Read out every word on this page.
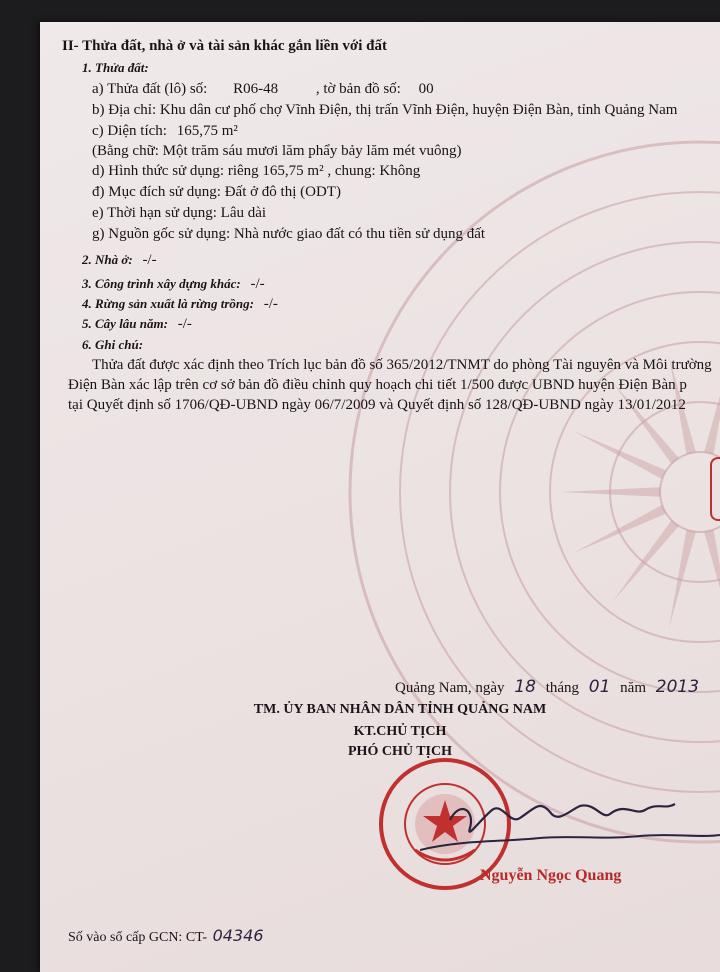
II- Thửa đất, nhà ở và tài sản khác gắn liền với đất
1. Thửa đất:
a) Thửa đất (lô) số: R06-48	, tờ bản đồ số: 00
b) Địa chỉ: Khu dân cư phố chợ Vĩnh Điện, thị trấn Vĩnh Điện, huyện Điện Bàn, tỉnh Quảng Nam
c) Diện tích: 165,75 m²
(Bằng chữ: Một trăm sáu mươi lăm phẩy bảy lăm mét vuông)
d) Hình thức sử dụng: riêng 165,75 m² , chung: Không
đ) Mục đích sử dụng: Đất ở đô thị (ODT)
e) Thời hạn sử dụng: Lâu dài
g) Nguồn gốc sử dụng: Nhà nước giao đất có thu tiền sử dụng đất
2. Nhà ở: -/-
3. Công trình xây dựng khác: -/-
4. Rừng sản xuất là rừng trồng: -/-
5. Cây lâu năm: -/-
6. Ghi chú:
Thửa đất được xác định theo Trích lục bản đồ số 365/2012/TNMT do phòng Tài nguyên và Môi trường
Điện Bàn xác lập trên cơ sở bản đồ điều chỉnh quy hoạch chi tiết 1/500 được UBND huyện Điện Bàn p
tại Quyết định số 1706/QĐ-UBND ngày 06/7/2009 và Quyết định số 128/QĐ-UBND ngày 13/01/2012
Quảng Nam, ngày 18 tháng 01 năm 2013
TM. ỦY BAN NHÂN DÂN TỈNH QUẢNG NAM
KT.CHỦ TỊCH
PHÓ CHỦ TỊCH
Nguyễn Ngọc Quang
Số vào sổ cấp GCN: CT- 04346
